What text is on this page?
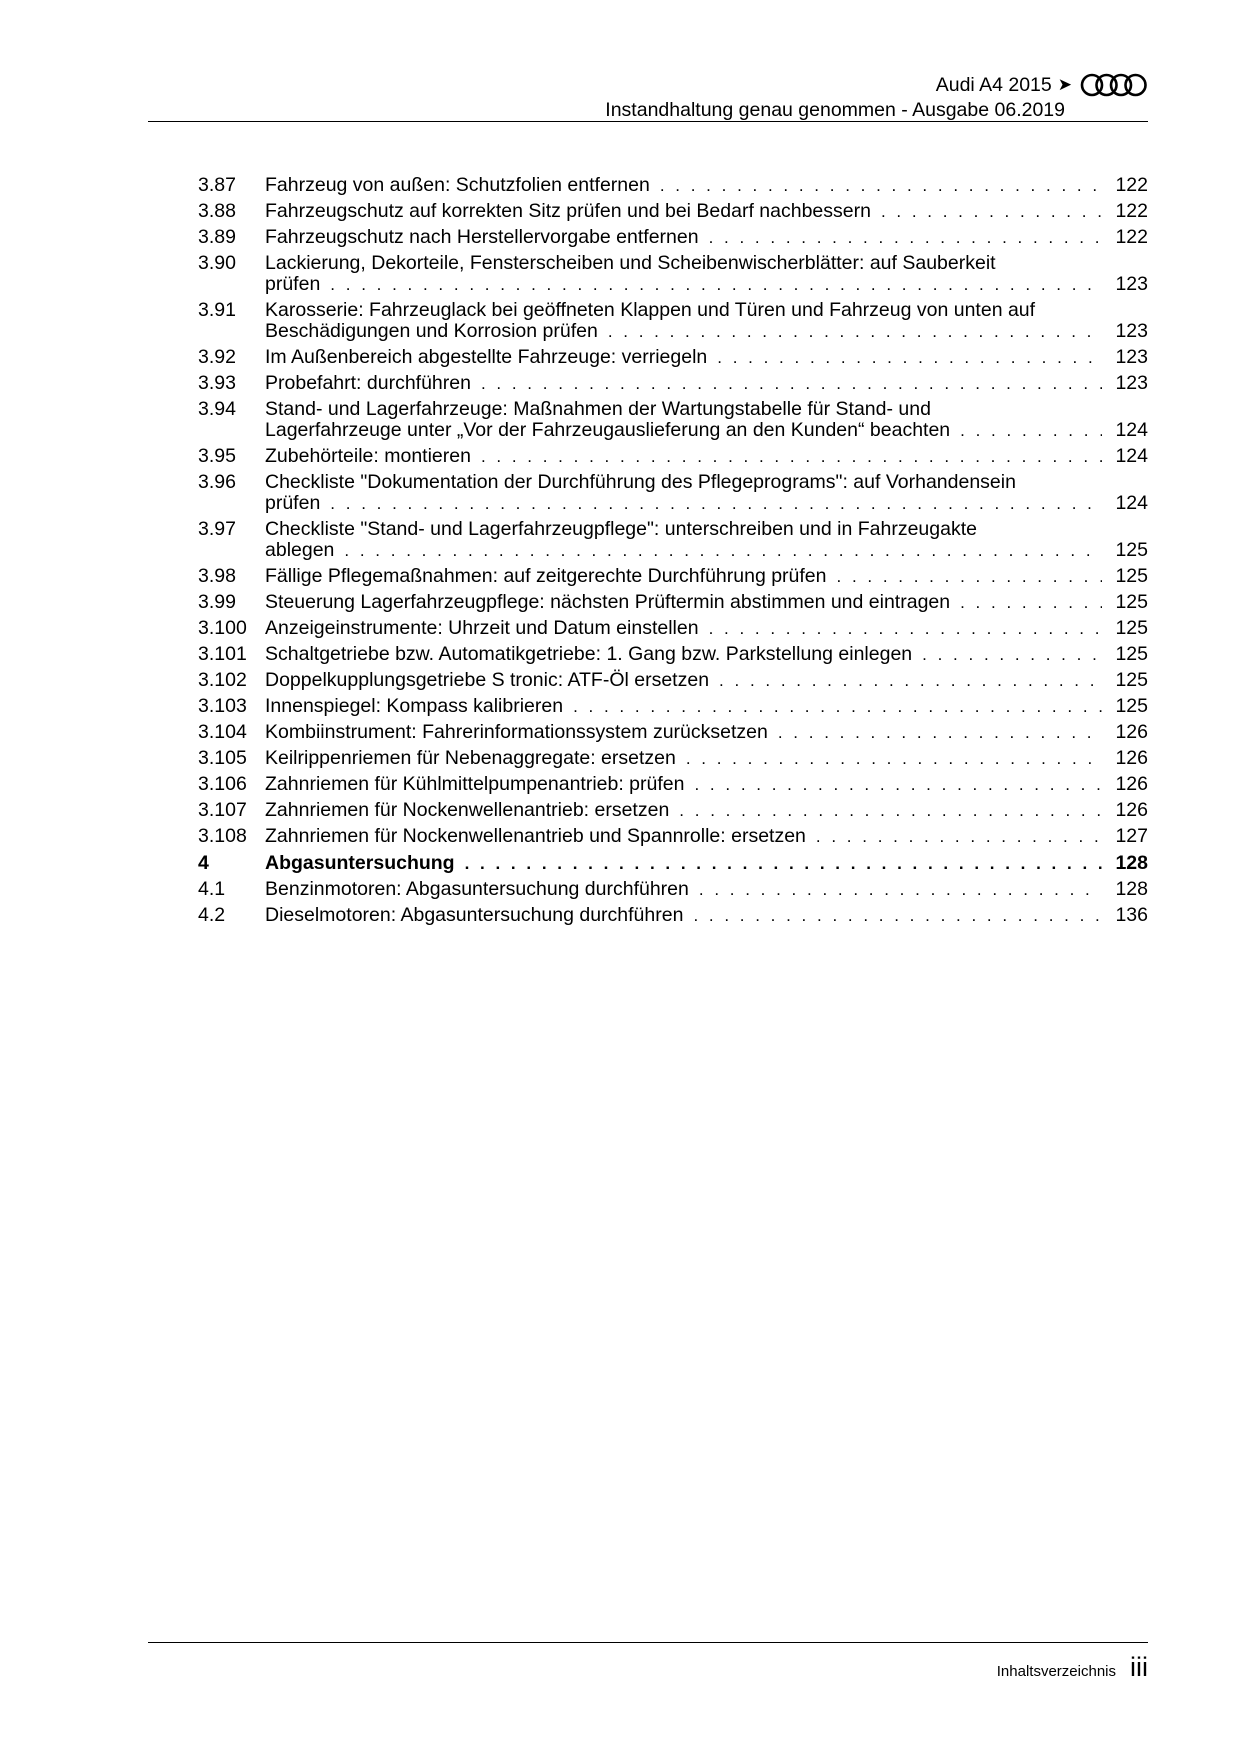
Audi A4 2015 ➤
Instandhaltung genau genommen - Ausgabe 06.2019
3.87	Fahrzeug von außen: Schutzfolien entfernen . . .	122
3.88	Fahrzeugschutz auf korrekten Sitz prüfen und bei Bedarf nachbessern . . .	122
3.89	Fahrzeugschutz nach Herstellervorgabe entfernen . . .	122
3.90	Lackierung, Dekorteile, Fensterscheiben und Scheibenwischerblätter: auf Sauberkeit
prüfen . . .	123
3.91	Karosserie: Fahrzeuglack bei geöffneten Klappen und Türen und Fahrzeug von unten auf
Beschädigungen und Korrosion prüfen . . .	123
3.92	Im Außenbereich abgestellte Fahrzeuge: verriegeln . . .	123
3.93	Probefahrt: durchführen . . .	123
3.94	Stand- und Lagerfahrzeuge: Maßnahmen der Wartungstabelle für Stand- und
Lagerfahrzeuge unter „Vor der Fahrzeugauslieferung an den Kunden“ beachten . . .	124
3.95	Zubehörteile: montieren . . .	124
3.96	Checkliste "Dokumentation der Durchführung des Pflegeprograms": auf Vorhandensein
prüfen . . .	124
3.97	Checkliste "Stand- und Lagerfahrzeugpflege": unterschreiben und in Fahrzeugakte
ablegen . . .	125
3.98	Fällige Pflegemaßnahmen: auf zeitgerechte Durchführung prüfen . . .	125
3.99	Steuerung Lagerfahrzeugpflege: nächsten Prüftermin abstimmen und eintragen . . .	125
3.100 Anzeigeinstrumente: Uhrzeit und Datum einstellen . . .	125
3.101 Schaltgetriebe bzw. Automatikgetriebe: 1. Gang bzw. Parkstellung einlegen . . .	125
3.102 Doppelkupplungsgetriebe S tronic: ATF-Öl ersetzen . . .	125
3.103 Innenspiegel: Kompass kalibrieren . . .	125
3.104 Kombiinstrument: Fahrerinformationssystem zurücksetzen . . .	126
3.105 Keilrippenriemen für Nebenaggregate: ersetzen . . .	126
3.106 Zahnriemen für Kühlmittelpumpenantrieb: prüfen . . .	126
3.107 Zahnriemen für Nockenwellenantrieb: ersetzen . . .	126
3.108 Zahnriemen für Nockenwellenantrieb und Spannrolle: ersetzen . . .	127
4	Abgasuntersuchung . . .	128
4.1	Benzinmotoren: Abgasuntersuchung durchführen . . .	128
4.2	Dieselmotoren: Abgasuntersuchung durchführen . . .	136
Inhaltsverzeichnis iii
